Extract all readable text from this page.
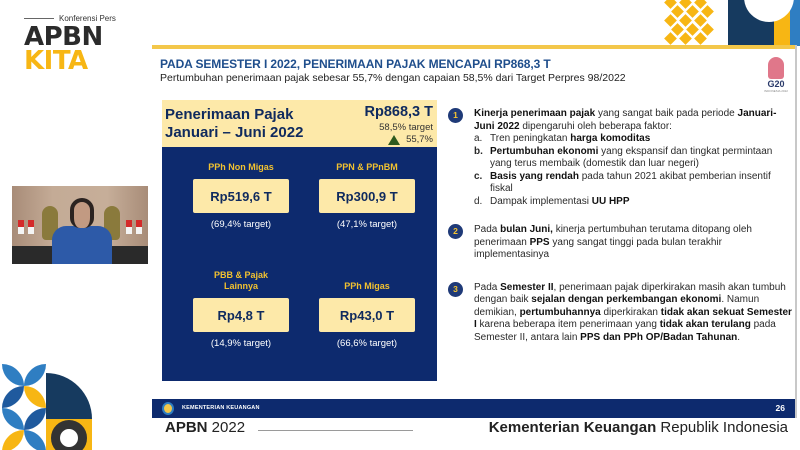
Konferensi Pers
APBN
KITA	PADA SEMESTER I 2022, PENERIMAAN PAJAK MENCAPAI RP868,3 T
Pertumbuhan penerimaan pajak sebesar 55,7% dengan capaian 58,5% dari Target Perpres 98/2022	G20
INDONESIA 2022
Penerimaan Pajak
Januari – Juni 2022
Rp868,3 T
58,5% target
55,7%
PPh Non Migas
Rp519,6 T
(69,4% target)
PPN & PPnBM
Rp300,9 T
(47,1% target)
PBB & Pajak Lainnya
Rp4,8 T
(14,9% target)
PPh Migas
Rp43,0 T
(66,6% target)
1	Kinerja penerimaan pajak yang sangat baik pada periode Januari-Juni 2022 dipengaruhi oleh beberapa faktor:
a. Tren peningkatan harga komoditas
b. Pertumbuhan ekonomi yang ekspansif dan tingkat permintaan yang terus membaik (domestik dan luar negeri)
c. Basis yang rendah pada tahun 2021 akibat pemberian insentif fiskal
d. Dampak implementasi UU HPP
2	Pada bulan Juni, kinerja pertumbuhan terutama ditopang oleh penerimaan PPS yang sangat tinggi pada bulan terakhir implementasinya
3	Pada Semester II, penerimaan pajak diperkirakan masih akan tumbuh dengan baik sejalan dengan perkembangan ekonomi. Namun demikian, pertumbuhannya diperkirakan tidak akan sekuat Semester I karena beberapa item penerimaan yang tidak akan terulang pada Semester II, antara lain PPS dan PPh OP/Badan Tahunan.
KEMENTERIAN KEUANGAN	26
APBN 2022	Kementerian Keuangan Republik Indonesia
